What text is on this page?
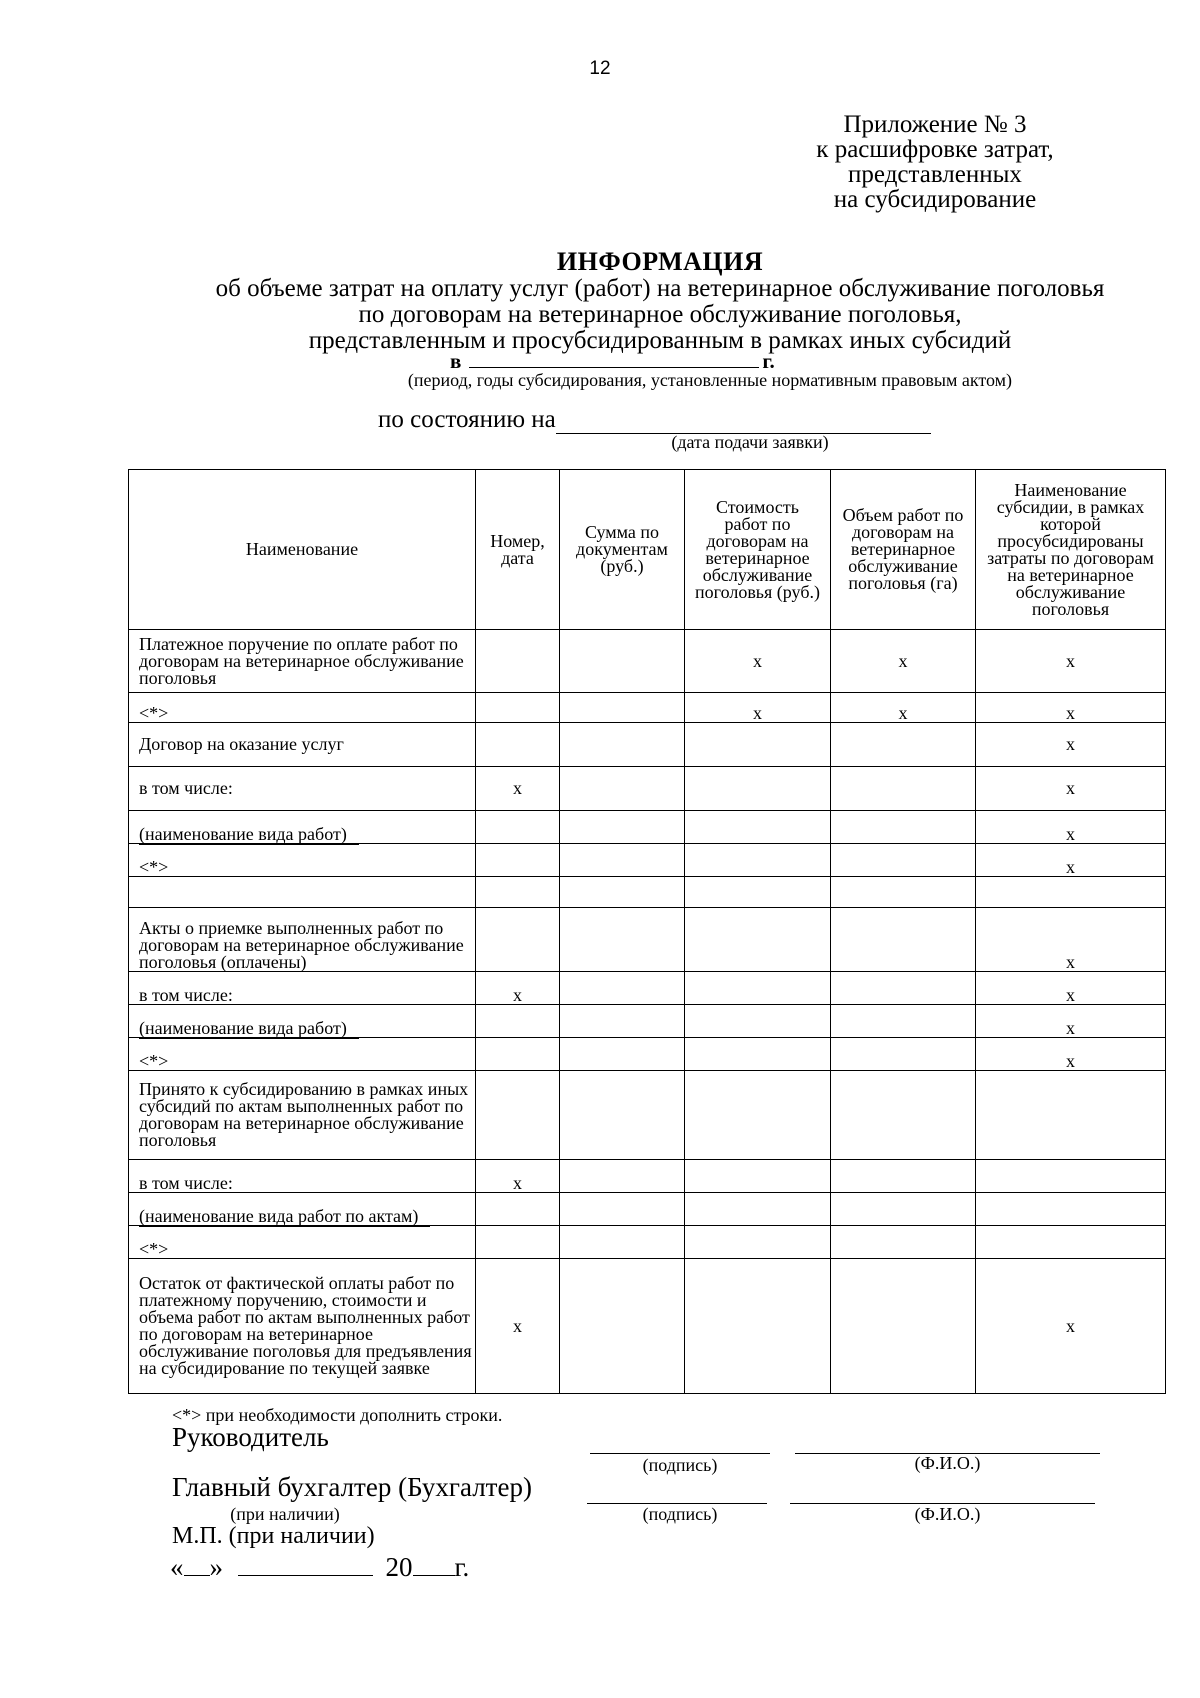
12
Приложение № 3
к расшифровке затрат,
представленных
на субсидирование
ИНФОРМАЦИЯ
об объеме затрат на оплату услуг (работ) на ветеринарное обслуживание поголовья
по договорам на ветеринарное обслуживание поголовья,
представленным и просубсидированным в рамках иных субсидий
в	г.
(период, годы субсидирования, установленные нормативным правовым актом)
по состоянию на
(дата подачи заявки)
Наименование	Номер, дата	Сумма по документам (руб.)	Стоимость работ по договорам на ветеринарное обслуживание поголовья (руб.)	Объем работ по договорам на ветеринарное обслуживание поголовья (га)	Наименование субсидии, в рамках которой просубсидированы затраты по договорам на ветеринарное обслуживание поголовья
Платежное поручение по оплате работ по договорам на ветеринарное обслуживание поголовья			х	х	х
<*>			х	х	х
Договор на оказание услуг					х
в том числе:	х				х
(наименование вида работ)					х
<*>					х

Акты о приемке выполненных работ по договорам на ветеринарное обслуживание поголовья (оплачены)					х
в том числе:	х				х
(наименование вида работ)					х
<*>					х
Принято к субсидированию в рамках иных субсидий по актам выполненных работ по договорам на ветеринарное обслуживание поголовья					
в том числе:	х				
(наименование вида работ по актам)					
<*>					
Остаток от фактической оплаты работ по платежному поручению, стоимости и объема работ по актам выполненных работ по договорам на ветеринарное обслуживание поголовья для предъявления на субсидирование по текущей заявке	х				х
<*> при необходимости дополнить строки.
Руководитель
(подпись)	(Ф.И.О.)
Главный бухгалтер (Бухгалтер)
(при наличии)	(подпись)	(Ф.И.О.)
М.П. (при наличии)
« »	20 г.
